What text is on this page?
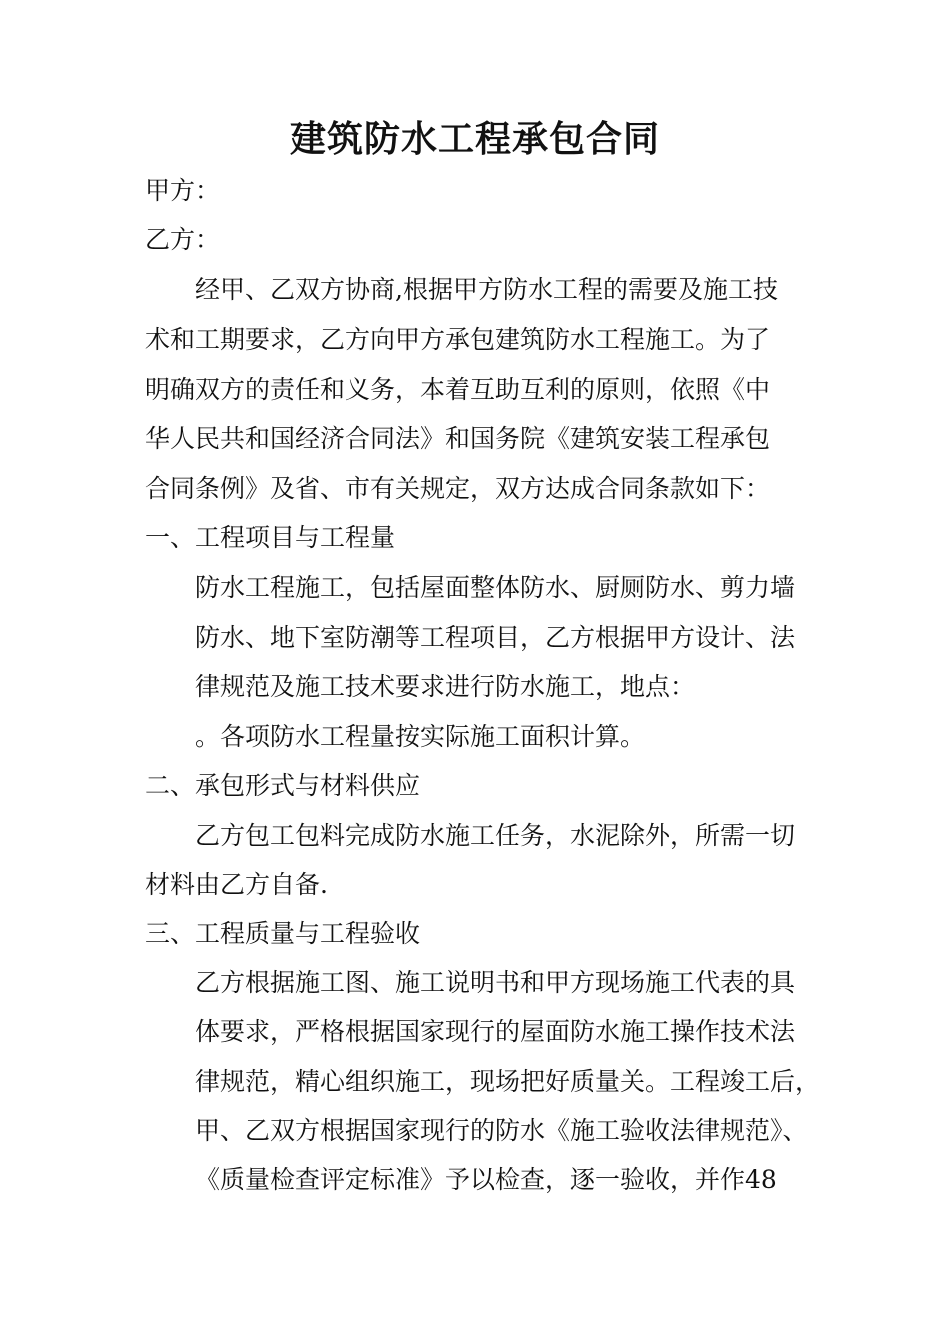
建筑防水工程承包合同
甲方：
乙方：
经甲、乙双方协商,根据甲方防水工程的需要及施工技
术和工期要求，乙方向甲方承包建筑防水工程施工。为了
明确双方的责任和义务，本着互助互利的原则，依照《中
华人民共和国经济合同法》和国务院《建筑安装工程承包
合同条例》及省、市有关规定，双方达成合同条款如下：
一、工程项目与工程量
防水工程施工，包括屋面整体防水、厨厕防水、剪力墙
防水、地下室防潮等工程项目，乙方根据甲方设计、法
律规范及施工技术要求进行防水施工，地点：
。各项防水工程量按实际施工面积计算。
二、承包形式与材料供应
乙方包工包料完成防水施工任务，水泥除外，所需一切
材料由乙方自备.
三、工程质量与工程验收
乙方根据施工图、施工说明书和甲方现场施工代表的具
体要求，严格根据国家现行的屋面防水施工操作技术法
律规范，精心组织施工，现场把好质量关。工程竣工后，
甲、乙双方根据国家现行的防水《施工验收法律规范》、
《质量检查评定标准》予以检查，逐一验收，并作48
